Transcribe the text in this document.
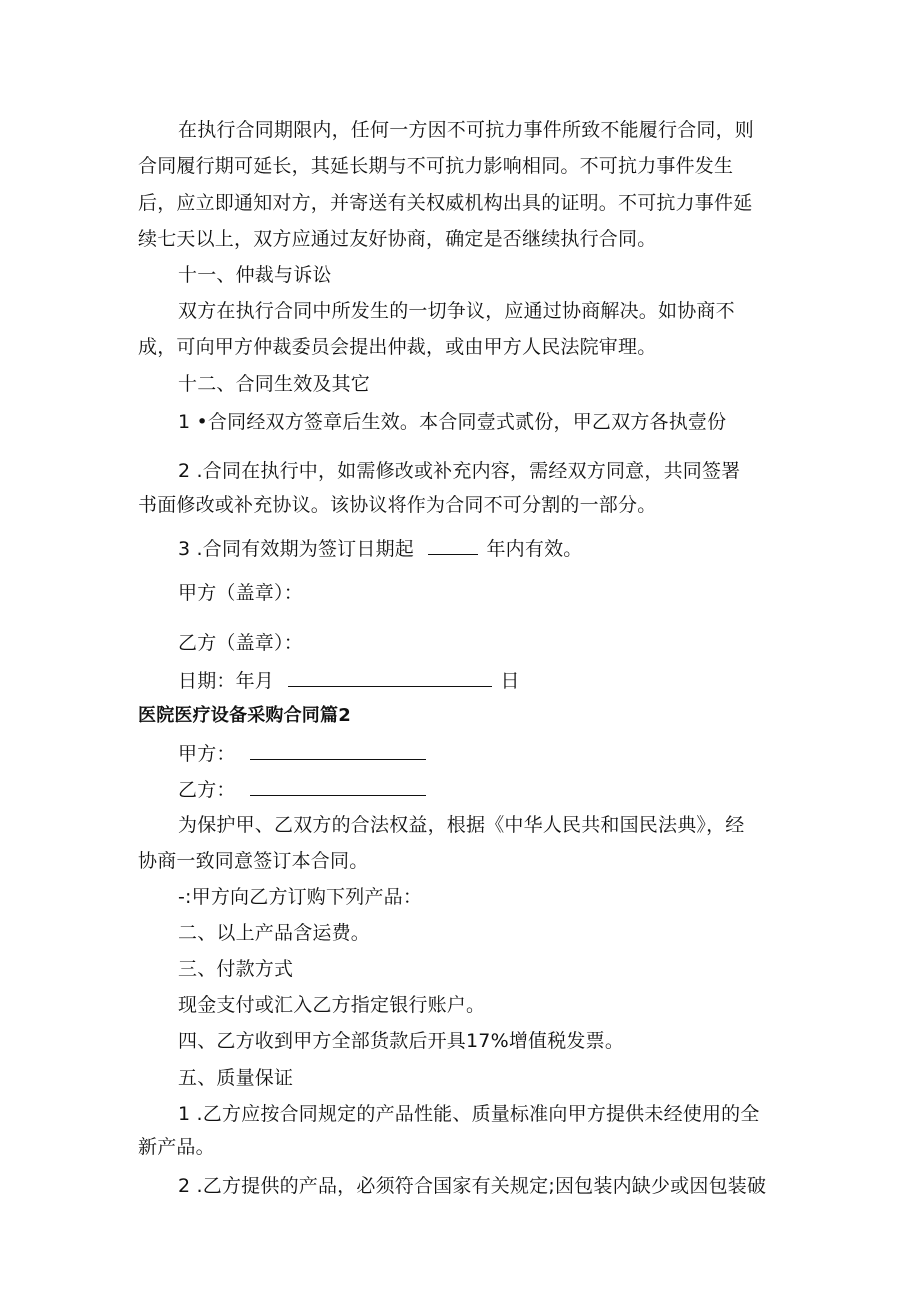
在执行合同期限内，任何一方因不可抗力事件所致不能履行合同，则
合同履行期可延长，其延长期与不可抗力影响相同。不可抗力事件发生
后，应立即通知对方，并寄送有关权威机构出具的证明。不可抗力事件延
续七天以上，双方应通过友好协商，确定是否继续执行合同。
十一、仲裁与诉讼
双方在执行合同中所发生的一切争议，应通过协商解决。如协商不
成，可向甲方仲裁委员会提出仲裁，或由甲方人民法院审理。
十二、合同生效及其它
1 •合同经双方签章后生效。本合同壹式贰份，甲乙双方各执壹份
2 .合同在执行中，如需修改或补充内容，需经双方同意，共同签署
书面修改或补充协议。该协议将作为合同不可分割的一部分。
3 .合同有效期为签订日期起	年内有效。
甲方（盖章）：
乙方（盖章）：
日期：年月	日
医院医疗设备采购合同篇2
甲方：
乙方：
为保护甲、乙双方的合法权益，根据《中华人民共和国民法典》，经
协商一致同意签订本合同。
-:甲方向乙方订购下列产品：
二、以上产品含运费。
三、付款方式
现金支付或汇入乙方指定银行账户。
四、乙方收到甲方全部货款后开具17%增值税发票。
五、质量保证
1 .乙方应按合同规定的产品性能、质量标准向甲方提供未经使用的全
新产品。
2 .乙方提供的产品，必须符合国家有关规定;因包装内缺少或因包装破
